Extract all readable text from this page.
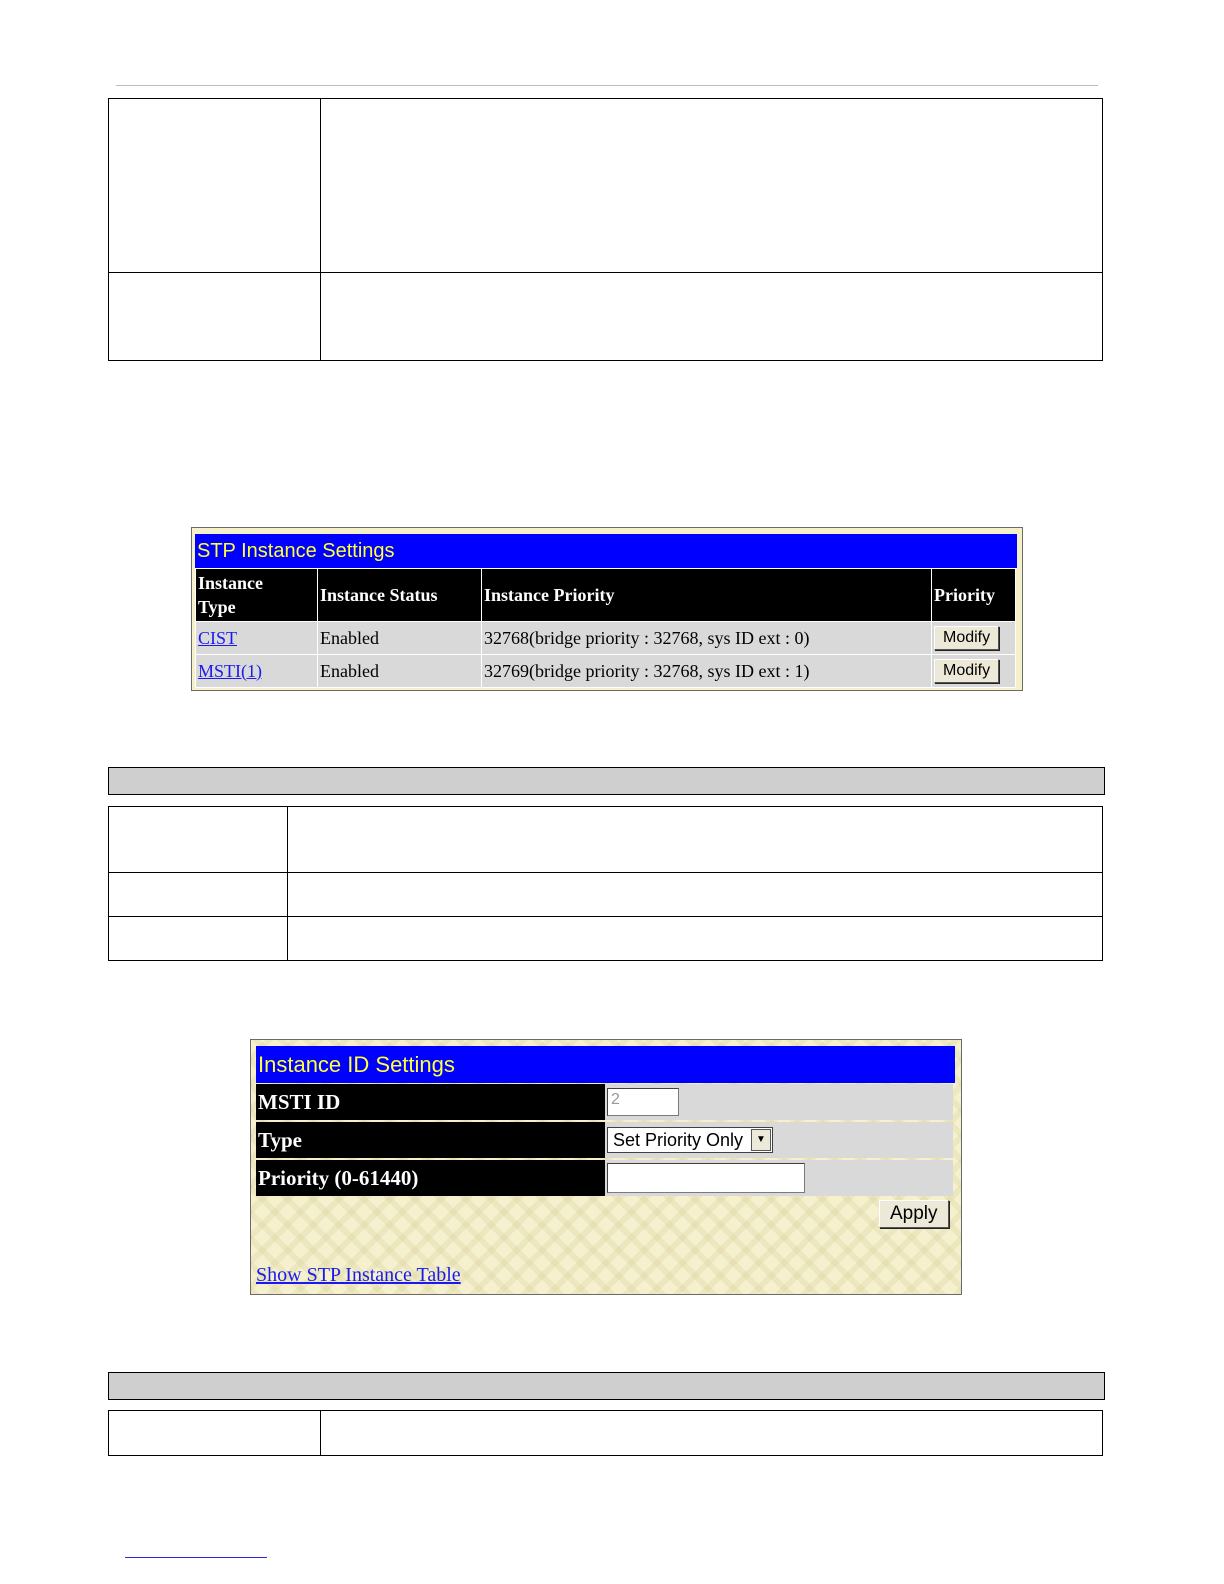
STP Instance Settings
Instance
Type	Instance Status	Instance Priority	Priority
CIST	Enabled	32768(bridge priority : 32768, sys ID ext : 0)	Modify
MSTI(1)	Enabled	32769(bridge priority : 32768, sys ID ext : 1)	Modify

Instance ID Settings
MSTI ID	2
Type	Set Priority Only	▼
Priority (0-61440)
Apply
Show STP Instance Table
